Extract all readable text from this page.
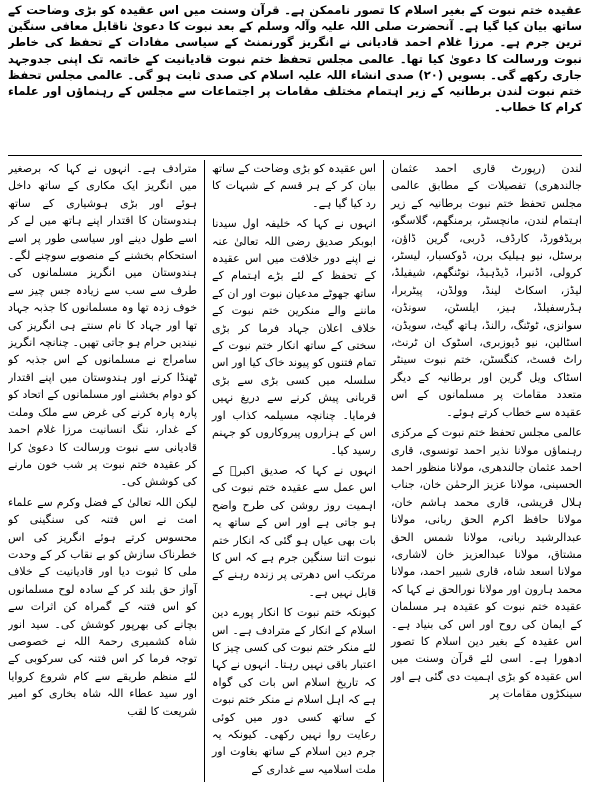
عقیدہ ختم نبوت کے بغیر اسلام کا تصور ناممکن ہے۔ قرآن وسنت میں اس عقیدہ کو بڑی وضاحت کے ساتھ بیان کیا گیا ہے۔ آنحضرت صلی اللہ علیہ وآلہ وسلم کے بعد نبوت کا دعویٰ ناقابل معافی سنگین ترین جرم ہے۔ مرزا غلام احمد قادیانی نے انگریز گورنمنٹ کے سیاسی مفادات کے تحفظ کی خاطر نبوت ورسالت کا دعویٰ کیا تھا۔ عالمی مجلس تحفظ ختم نبوت قادیانیت کے خاتمہ تک اپنی جدوجہد جاری رکھے گی۔ بسویں (۲۰) صدی انشاء اللہ علیہ اسلام کی صدی ثابت ہو گی۔ عالمی مجلس تحفظ ختم نبوت لندن برطانیہ کے زیر اہتمام مختلف مقامات پر اجتماعات سے مجلس کے رہنماؤں اور علماء کرام کا خطاب۔

لندن (رپورٹ قاری احمد عثمان جالندھری) تفصیلات کے مطابق عالمی مجلس تحفظ ختم نبوت برطانیہ کے زیر اہتمام لندن، مانچسٹر، برمنگھم، گلاسگو، بریڈفورڈ، کارڈف، ڈربی، گرین ڈاؤن، برسٹل، نیو ہیلیک برن، ڈوکسبار، لیسٹر، کرولی، اڈنبرا، ڈیڈہیڈ، نوٹنگھم، شیفیلڈ، لیڈز، اسکاٹ لینڈ، وولڈن، پیٹربرا، ہڈرسفیلڈ، ہیز، ایلسٹن، سونڈن، سوانزی، ٹوٹنگ، رالنڈ، ہاتھ گیٹ، سویڈن، اسٹالین، نیو ڈیوزبری، اسٹوک ان ٹرنٹ، راٹ فسٹ، کنگسٹن، ختم نبوت سینٹر اسٹاک ویل گرین اور برطانیہ کے دیگر متعدد مقامات پر مسلمانوں کے اس عقیدہ سے خطاب کرتے ہوئے۔

عالمی مجلس تحفظ ختم نبوت کے مرکزی رہنماؤں مولانا نذیر احمد تونسوی، قاری احمد عثمان جالندھری، مولانا منظور احمد الحسینی، مولانا عزیز الرحمٰن خان، جناب ہلال قریشی، قاری محمد ہاشم خان، مولانا حافظ اکرم الحق ربانی، مولانا عبدالرشید ربانی، مولانا شمس الحق مشتاق، مولانا عبدالعزیز خان لاشاری، مولانا اسعد شاہ، قاری شبیر احمد، مولانا محمد ہارون اور مولانا نورالحق نے کہا کہ عقیدہ ختم نبوت کو عقیدہ ہر مسلمان کے ایمان کی روح اور اس کی بنیاد ہے۔ اس عقیدہ کے بغیر دین اسلام کا تصور ادھورا ہے۔ اسی لئے قرآن وسنت میں اس عقیدہ کو بڑی اہمیت دی گئی ہے اور سینکڑوں مقامات پر

اس عقیدہ کو بڑی وضاحت کے ساتھ بیان کر کے ہر قسم کے شبہات کا رد کیا گیا ہے۔

انہوں نے کہا کہ خلیفہ اول سیدنا ابوبکر صدیق رضی اللہ تعالیٰ عنہ نے اپنے دور خلافت میں اس عقیدہ کے تحفظ کے لئے بڑے اہتمام کے ساتھ جھوٹے مدعیان نبوت اور ان کے ماننے والے منکرین ختم نبوت کے خلاف اعلان جہاد فرما کر بڑی سختی کے ساتھ انکار ختم نبوت کے تمام فتنوں کو پیوند خاک کیا اور اس سلسلہ میں کسی بڑی سے بڑی قربانی پیش کرنے سے دریغ نہیں فرمایا۔ چنانچہ مسیلمہ کذاب اور اس کے ہزاروں پیروکاروں کو جہنم رسید کیا۔

انہوں نے کہا کہ صدیق اکبرؓ کے اس عمل سے عقیدہ ختم نبوت کی اہمیت روز روشن کی طرح واضح ہو جاتی ہے اور اس کے ساتھ یہ بات بھی عیاں ہو گئی کہ انکار ختم نبوت اتنا سنگین جرم ہے کہ اس کا مرتکب اس دھرتی پر زندہ رہنے کے قابل نہیں ہے۔

کیونکہ ختم نبوت کا انکار پورے دین اسلام کے انکار کے مترادف ہے۔ اس لئے منکر ختم نبوت کی کسی چیز کا اعتبار باقی نہیں رہتا۔ انہوں نے کہا کہ تاریخ اسلام اس بات کی گواہ ہے کہ اہل اسلام نے منکر ختم نبوت کے ساتھ کسی دور میں کوئی رعایت روا نہیں رکھی۔ کیونکہ یہ جرم دین اسلام کے ساتھ بغاوت اور ملت اسلامیہ سے غداری کے

مترادف ہے۔ انہوں نے کہا کہ برصغیر میں انگریز ایک مکاری کے ساتھ داخل ہوئے اور بڑی ہوشیاری کے ساتھ ہندوستان کا اقتدار اپنے ہاتھ میں لے کر اسے طول دینے اور سیاسی طور پر اسے استحکام بخشنے کے منصوبے سوچنے لگے۔ ہندوستان میں انگریز مسلمانوں کی طرف سے سب سے زیادہ جس چیز سے خوف زدہ تھا وہ مسلمانوں کا جذبہ جہاد تھا اور جہاد کا نام سنتے ہی انگریز کی نیندیں حرام ہو جاتی تھیں۔ چنانچہ انگریز سامراج نے مسلمانوں کے اس جذبہ کو ٹھنڈا کرنے اور ہندوستان میں اپنے اقتدار کو دوام بخشنے اور مسلمانوں کے اتحاد کو پارہ پارہ کرنے کی غرض سے ملک وملت کے غدار، ننگ انسانیت مرزا غلام احمد قادیانی سے نبوت ورسالت کا دعویٰ کرا کر عقیدہ ختم نبوت پر شب خون مارنے کی کوشش کی۔

لیکن اللہ تعالیٰ کے فضل وکرم سے علماء امت نے اس فتنہ کی سنگینی کو محسوس کرتے ہوئے انگریز کی اس خطرناک سازش کو بے نقاب کر کے وحدت ملی کا ثبوت دیا اور قادیانیت کے خلاف آواز حق بلند کر کے سادہ لوح مسلمانوں کو اس فتنہ کے گمراہ کن اثرات سے بچانے کی بھرپور کوشش کی۔ سید انور شاہ کشمیری رحمۃ اللہ نے خصوصی توجہ فرما کر اس فتنہ کی سرکوبی کے لئے منظم طریقے سے کام شروع کروایا اور سید عطاء اللہ شاہ بخاری کو امیر شریعت کا لقب
